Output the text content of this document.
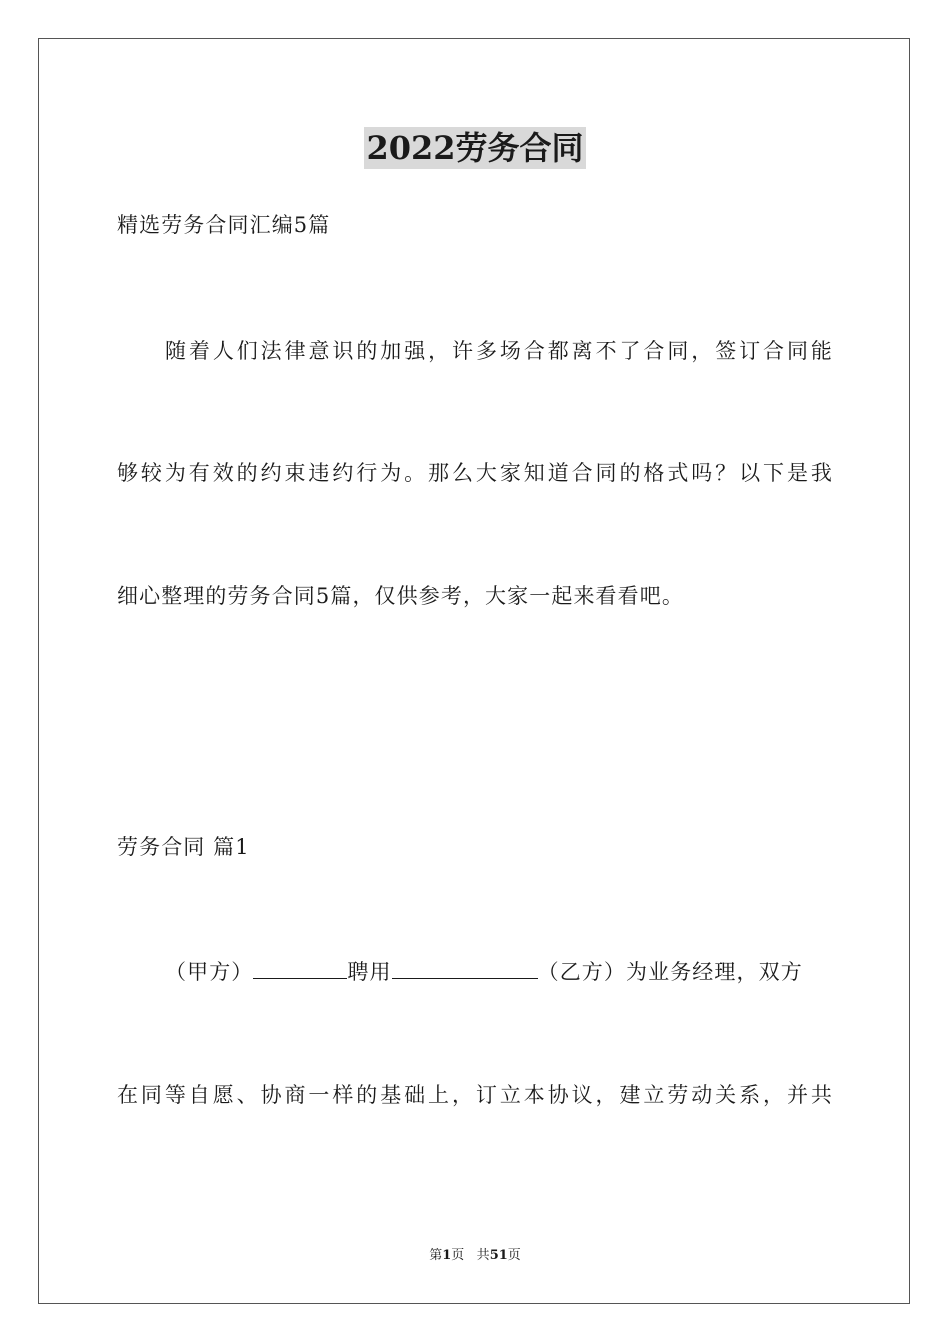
2022劳务合同
精选劳务合同汇编5篇
随着人们法律意识的加强，许多场合都离不了合同，签订合同能
够较为有效的约束违约行为。那么大家知道合同的格式吗？以下是我
细心整理的劳务合同5篇，仅供参考，大家一起来看看吧。
劳务合同 篇1
（甲方）	聘用	（乙方）为业务经理，双方
在同等自愿、协商一样的基础上，订立本协议，建立劳动关系，并共
第1页 共51页
